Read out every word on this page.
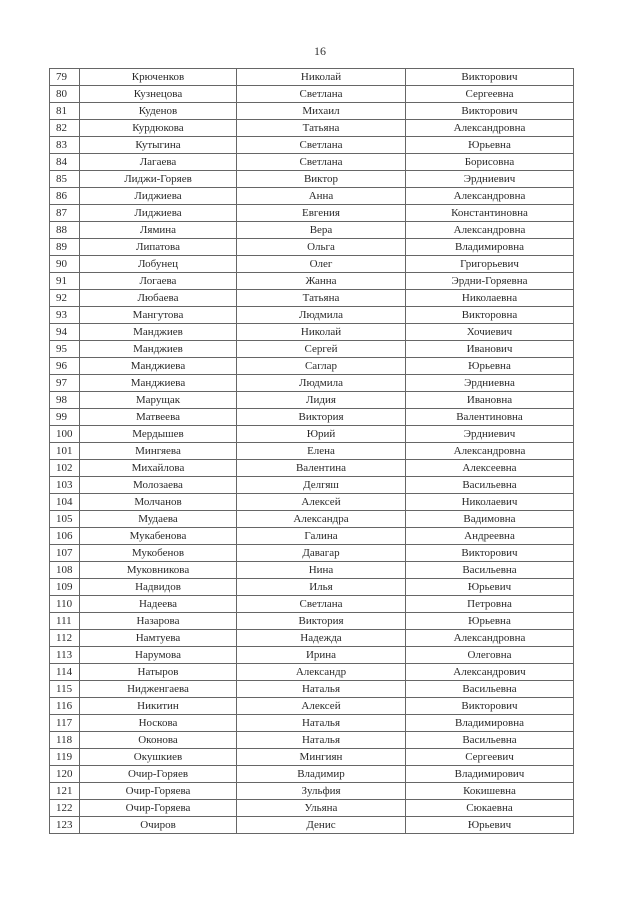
16
79	Крюченков	Николай	Викторович
80	Кузнецова	Светлана	Сергеевна
81	Куденов	Михаил	Викторович
82	Курдюкова	Татьяна	Александровна
83	Кутыгина	Светлана	Юрьевна
84	Лагаева	Светлана	Борисовна
85	Лиджи-Горяев	Виктор	Эрдниевич
86	Лиджиева	Анна	Александровна
87	Лиджиева	Евгения	Константиновна
88	Лямина	Вера	Александровна
89	Липатова	Ольга	Владимировна
90	Лобунец	Олег	Григорьевич
91	Логаева	Жанна	Эрдни-Горяевна
92	Любаева	Татьяна	Николаевна
93	Мангутова	Людмила	Викторовна
94	Манджиев	Николай	Хочиевич
95	Манджиев	Сергей	Иванович
96	Манджиева	Саглар	Юрьевна
97	Манджиева	Людмила	Эрдниевна
98	Марущак	Лидия	Ивановна
99	Матвеева	Виктория	Валентиновна
100	Мердышев	Юрий	Эрдниевич
101	Мингяева	Елена	Александровна
102	Михайлова	Валентина	Алексеевна
103	Молозаева	Делгяш	Васильевна
104	Молчанов	Алексей	Николаевич
105	Мудаева	Александра	Вадимовна
106	Мукабенова	Галина	Андреевна
107	Мукобенов	Давагар	Викторович
108	Муковникова	Нина	Васильевна
109	Надвидов	Илья	Юрьевич
110	Надеева	Светлана	Петровна
111	Назарова	Виктория	Юрьевна
112	Намтуева	Надежда	Александровна
113	Нарумова	Ирина	Олеговна
114	Натыров	Александр	Александрович
115	Нидженгаева	Наталья	Васильевна
116	Никитин	Алексей	Викторович
117	Носкова	Наталья	Владимировна
118	Оконова	Наталья	Васильевна
119	Окушкиев	Мингиян	Сергеевич
120	Очир-Горяев	Владимир	Владимирович
121	Очир-Горяева	Зульфия	Кокишевна
122	Очир-Горяева	Ульяна	Сюкаевна
123	Очиров	Денис	Юрьевич
